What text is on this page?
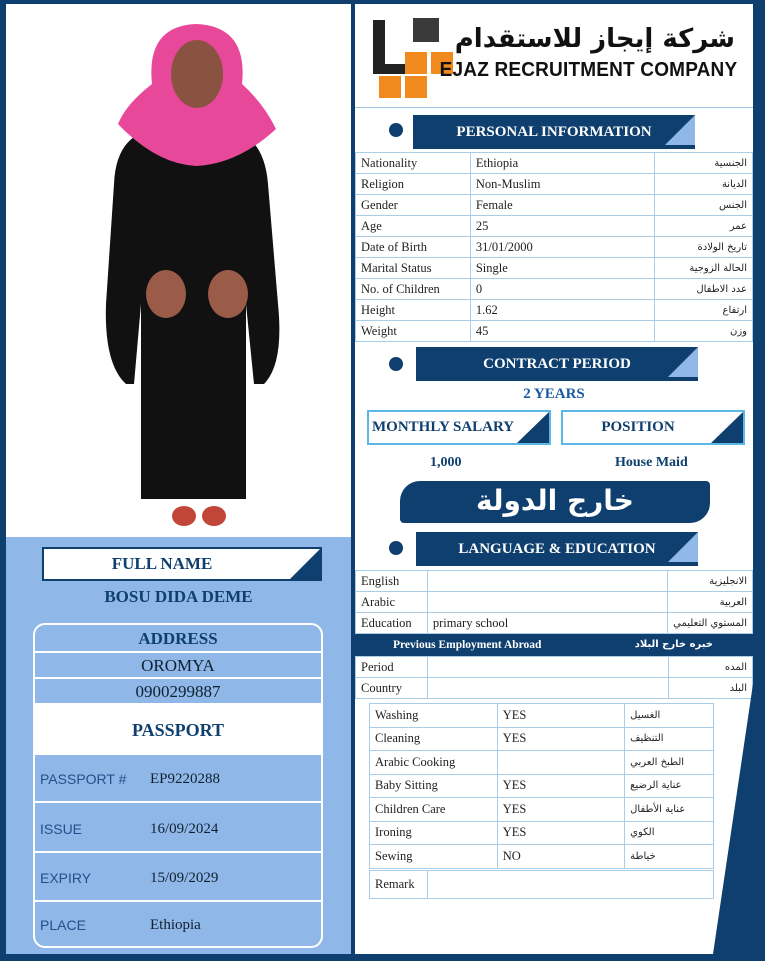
FULL NAME
BOSU DIDA DEME
ADDRESS
OROMYA
0900299887
PASSPORT
PASSPORT # EP9220288
ISSUE	16/09/2024
EXPIRY	15/09/2029
PLACE	Ethiopia
شركة إيجاز للاستقدام
EJAZ RECRUITMENT COMPANY
PERSONAL INFORMATION
Nationality	Ethiopia	الجنسية
Religion	Non-Muslim	الديانة
Gender	Female	الجنس
Age	25	عمر
Date of Birth	31/01/2000	تاريخ الولادة
Marital Status	Single	الحالة الزوجية
No. of Children	0	عدد الاطفال
Height	1.62	ارتفاع
Weight	45	وزن
CONTRACT PERIOD
2 YEARS
MONTHLY SALARY	POSITION
1,000	House Maid
خارج الدولة
LANGUAGE & EDUCATION
English		الانجليزية
Arabic		العربية
Education	primary school	المستوي التعليمي
Previous Employment Abroad	خبره خارج البلاد
Period		المده
Country		البلد
Washing	YES	الغسيل
Cleaning	YES	التنظيف
Arabic Cooking		الطبخ العربي
Baby Sitting	YES	عناية الرضيع
Children Care	YES	عناية الأطفال
Ironing	YES	الكوي
Sewing	NO	خياطة
Remark	
